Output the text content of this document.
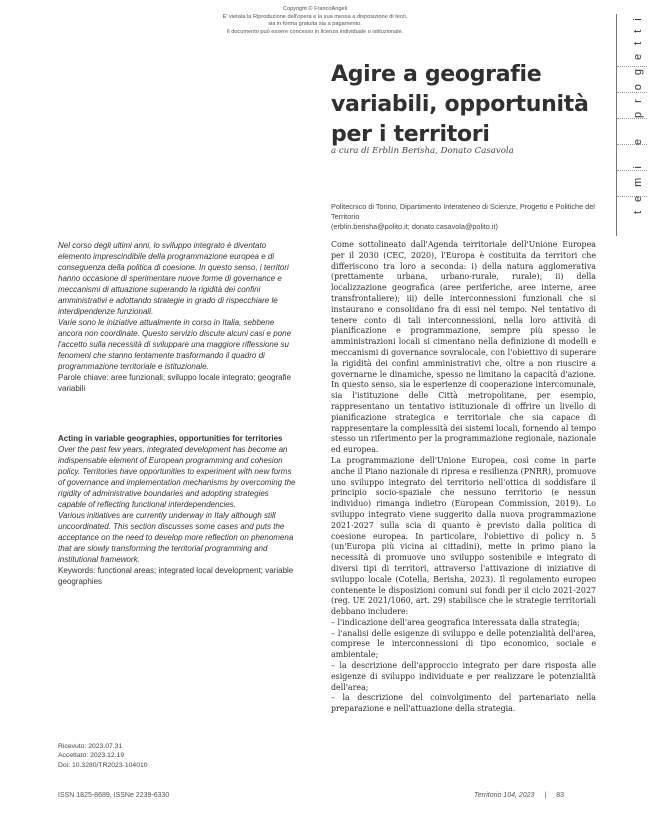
Copyright © FrancoAngeli
E' vietata la Riproduzione dell'opera e la sua messa a disposizione di terzi,
sia in forma gratuita sia a pagamento.
Il documento può essere concesso in licenza individuale o istituzionale.	temi e progetti
Agire a geografie variabili, opportunità per i territori
a cura di Erblin Berisha, Donato Casavola
Politecnico di Torino, Dipartimento Interateneo di Scienze, Progetto e Politiche del Territorio
(erblin.berisha@polito.it; donato.casavola@polito.it)
Nel corso degli ultimi anni, lo sviluppo integrato è diventato elemento imprescindibile della programmazione europea e di conseguenza della politica di coesione. In questo senso, i territori hanno occasione di sperimentare nuove forme di governance e meccanismi di attuazione superando la rigidità dei confini amministrativi e adottando strategie in grado di rispecchiare le interdipendenze funzionali.
Varie sono le iniziative attualmente in corso in Italia, sebbene ancora non coordinate. Questo servizio discute alcuni casi e pone l'accetto sulla necessità di sviluppare una maggiore riflessione su fenomeni che stanno lentamente trasformando il quadro di programmazione territoriale e istituzionale.
Parole chiave: aree funzionali; sviluppo locale integrato; geografie variabili
Acting in variable geographies, opportunities for territories
Over the past few years, integrated development has become an indispensable element of European programming and cohesion policy. Territories have opportunities to experiment with new forms of governance and implementation mechanisms by overcoming the rigidity of administrative boundaries and adopting strategies capable of reflecting functional interdependencies.
Various initiatives are currently underway in Italy although still uncoordinated. This section discusses some cases and puts the acceptance on the need to develop more reflection on phenomena that are slowly transforming the territorial programming and institutional framework.
Keywords: functional areas; integrated local development; variable geographies
Ricevuto: 2023.07.31
Accettato: 2023.12.19
Doi: 10.3280/TR2023-104010

Come sottolineato dall'Agenda territoriale dell'Unione Europea per il 2030 (CEC, 2020), l'Europa è costituita da territori che differiscono tra loro a seconda: i) della natura agglomerativa (prettamente urbana, urbano-rurale, rurale); ii) della localizzazione geografica (aree periferiche, aree interne, aree transfrontaliere); iii) delle interconnessioni funzionali che si instaurano e consolidano fra di essi nel tempo. Nel tentativo di tenere conto di tali interconnessioni, nella loro attività di pianificazione e programmazione, sempre più spesso le amministrazioni locali si cimentano nella definizione di modelli e meccanismi di governance sovralocale, con l'obiettivo di superare la rigidità dei confini amministrativi che, oltre a non riuscire a governarne le dinamiche, spesso ne limitano la capacità d'azione. In questo senso, sia le esperienze di cooperazione intercomunale, sia l'istituzione delle Città metropolitane, per esempio, rappresentano un tentativo istituzionale di offrire un livello di pianificazione strategica e territoriale che sia capace di rappresentare la complessità dei sistemi locali, fornendo al tempo stesso un riferimento per la programmazione regionale, nazionale ed europea.

La programmazione dell'Unione Europea, così come in parte anche il Piano nazionale di ripresa e resilienza (PNRR), promuove uno sviluppo integrato del territorio nell'ottica di soddisfare il principio socio-spaziale che nessuno territorio (e nessun individuo) rimanga indietro (European Commission, 2019). Lo sviluppo integrato viene suggerito dalla nuova programmazione 2021-2027 sulla scia di quanto è previsto dalla politica di coesione europea. In particolare, l'obiettivo di policy n. 5 (un'Europa più vicina ai cittadini), mette in primo piano la necessità di promuove uno sviluppo sostenibile e integrato di diversi tipi di territori, attraverso l'attivazione di iniziative di sviluppo locale (Cotella, Berisha, 2023). Il regolamento europeo contenente le disposizioni comuni sui fondi per il ciclo 2021-2027 (reg. UE 2021/1060, art. 29) stabilisce che le strategie territoriali debbano includere:

– l'indicazione dell'area geografica interessata dalla strategia;

– l'analisi delle esigenze di sviluppo e delle potenzialità dell'area, comprese le interconnessioni di tipo economico, sociale e ambientale;

– la descrizione dell'approccio integrato per dare risposta alle esigenze di sviluppo individuate e per realizzare le potenzialità dell'area;

– la descrizione del coinvolgimento del partenariato nella preparazione e nell'attuazione della strategia.

ISSN 1825-8689, ISSNe 2239-6330	Territorio 104, 2023 | 83
